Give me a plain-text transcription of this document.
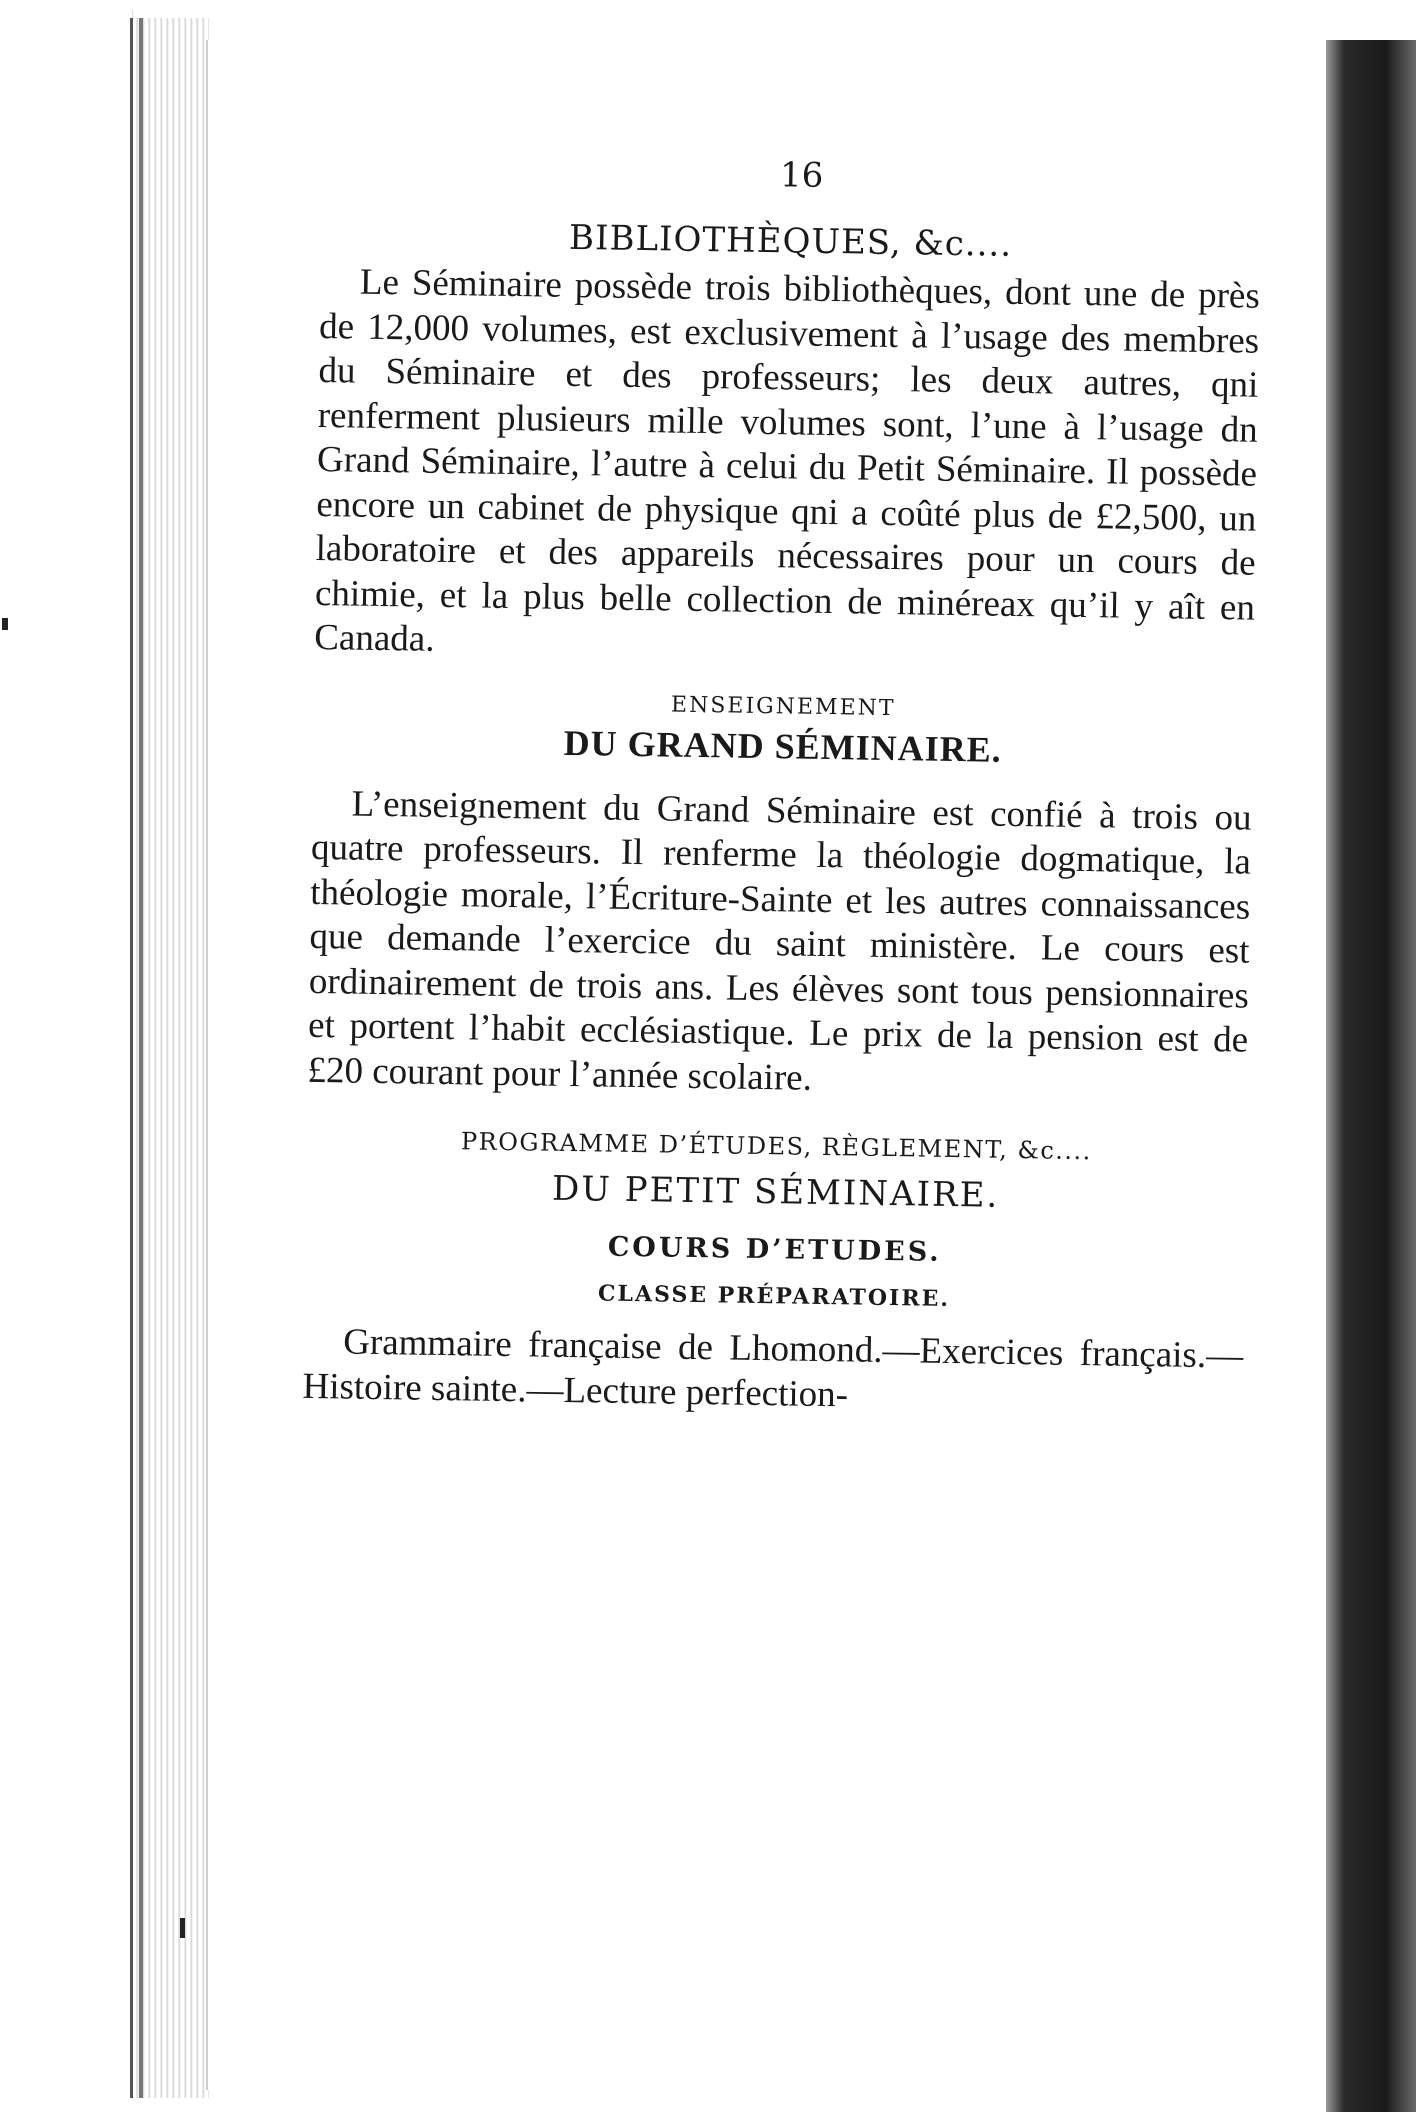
16
BIBLIOTHÈQUES, &c....

Le Séminaire possède trois bibliothèques, dont une de près de 12,000 volumes, est exclusivement à l’usage des membres du Séminaire et des professeurs; les deux autres, qni renferment plusieurs mille volumes sont, l’une à l’usage dn Grand Séminaire, l’autre à celui du Petit Séminaire. Il possède encore un cabinet de physique qni a coûté plus de £2,500, un laboratoire et des appareils nécessaires pour un cours de chimie, et la plus belle collection de minéreax qu’il y aît en Canada.

ENSEIGNEMENT
DU GRAND SÉMINAIRE.

L’enseignement du Grand Séminaire est confié à trois ou quatre professeurs. Il renferme la théologie dogmatique, la théologie morale, l’Écriture-Sainte et les autres connaissances que demande l’exercice du saint ministère. Le cours est ordinairement de trois ans. Les élèves sont tous pensionnaires et portent l’habit ecclésiastique. Le prix de la pension est de £20 courant pour l’année scolaire.

PROGRAMME D’ÉTUDES, RÈGLEMENT, &c....
DU PETIT SÉMINAIRE.
COURS D’ETUDES.
CLASSE PRÉPARATOIRE.

Grammaire française de Lhomond.—Exercices français.—Histoire sainte.—Lecture perfection-
